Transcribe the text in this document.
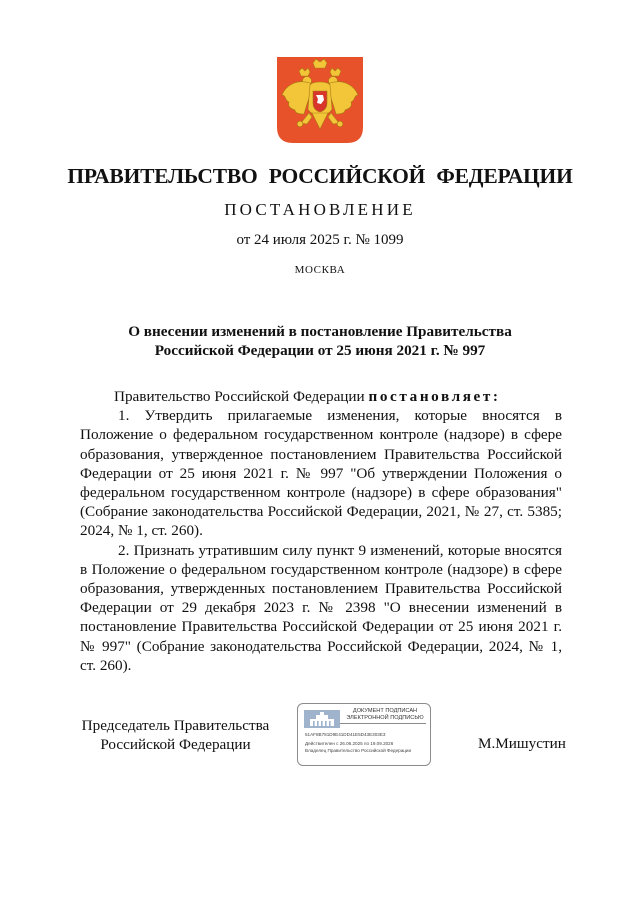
ПРАВИТЕЛЬСТВО РОССИЙСКОЙ ФЕДЕРАЦИИ
ПОСТАНОВЛЕНИЕ
от 24 июля 2025 г. № 1099
МОСКВА
О внесении изменений в постановление Правительства
Российской Федерации от 25 июня 2021 г. № 997

Правительство Российской Федерации постановляет:

1. Утвердить прилагаемые изменения, которые вносятся в Положение о федеральном государственном контроле (надзоре) в сфере образования, утвержденное постановлением Правительства Российской Федерации от 25 июня 2021 г. № 997 "Об утверждении Положения о федеральном государственном контроле (надзоре) в сфере образования" (Собрание законодательства Российской Федерации, 2021, № 27, ст. 5385; 2024, № 1, ст. 260).

2. Признать утратившим силу пункт 9 изменений, которые вносятся в Положение о федеральном государственном контроле (надзоре) в сфере образования, утвержденных постановлением Правительства Российской Федерации от 29 декабря 2023 г. № 2398 "О внесении изменений в постановление Правительства Российской Федерации от 25 июня 2021 г. № 997" (Собрание законодательства Российской Федерации, 2024, № 1, ст. 260).

Председатель Правительства
Российской Федерации
ДОКУМЕНТ ПОДПИСАН
ЭЛЕКТРОННОЙ ПОДПИСЬЮ
51AF8B781D9E41DD41E5D43E303E3
Действителен с 26.06.2025 по 19.09.2026
Владелец Правительство Российской Федерации	М.Мишустин
